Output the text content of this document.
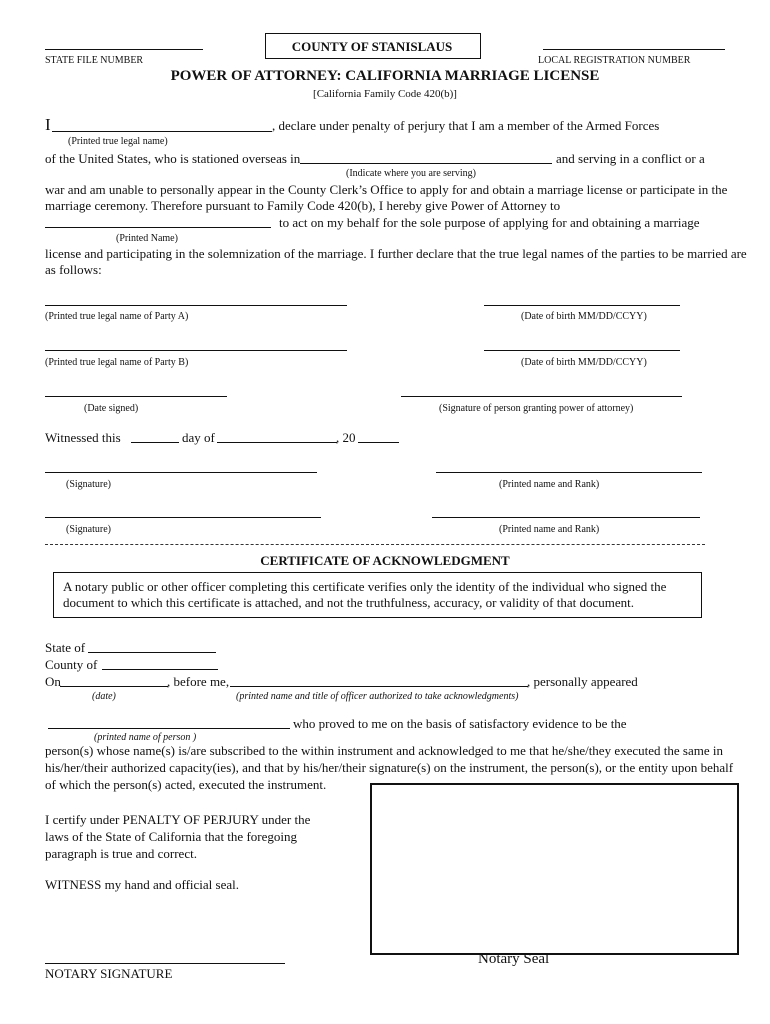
STATE FILE NUMBER
COUNTY OF STANISLAUS
LOCAL REGISTRATION NUMBER
POWER OF ATTORNEY: CALIFORNIA MARRIAGE LICENSE
[California Family Code 420(b)]
I	, declare under penalty of perjury that I am a member of the Armed Forces
(Printed true legal name)
of the United States, who is stationed overseas in	and serving in a conflict or a
(Indicate where you are serving)
war and am unable to personally appear in the County Clerk’s Office to apply for and obtain a marriage license or participate in the
marriage ceremony. Therefore pursuant to Family Code 420(b), I hereby give Power of Attorney to
to act on my behalf for the sole purpose of applying for and obtaining a marriage
(Printed Name)
license and participating in the solemnization of the marriage. I further declare that the true legal names of the parties to be married are
as follows:
(Printed true legal name of Party A)	(Date of birth MM/DD/CCYY)
(Printed true legal name of Party B)	(Date of birth MM/DD/CCYY)
(Date signed)	(Signature of person granting power of attorney)
Witnessed this	day of	, 20
(Signature)	(Printed name and Rank)
(Signature)	(Printed name and Rank)
CERTIFICATE OF ACKNOWLEDGMENT
A notary public or other officer completing this certificate verifies only the identity of the individual who signed the
document to which this certificate is attached, and not the truthfulness, accuracy, or validity of that document.
State of
County of
On	, before me,	, personally appeared
(date)	(printed name and title of officer authorized to take acknowledgments)
who proved to me on the basis of satisfactory evidence to be the
(printed name of person )
person(s) whose name(s) is/are subscribed to the within instrument and acknowledged to me that he/she/they executed the same in
his/her/their authorized capacity(ies), and that by his/her/their signature(s) on the instrument, the person(s), or the entity upon behalf
of which the person(s) acted, executed the instrument.
I certify under PENALTY OF PERJURY under the
laws of the State of California that the foregoing
paragraph is true and correct.
WITNESS my hand and official seal.
NOTARY SIGNATURE
Notary Seal
